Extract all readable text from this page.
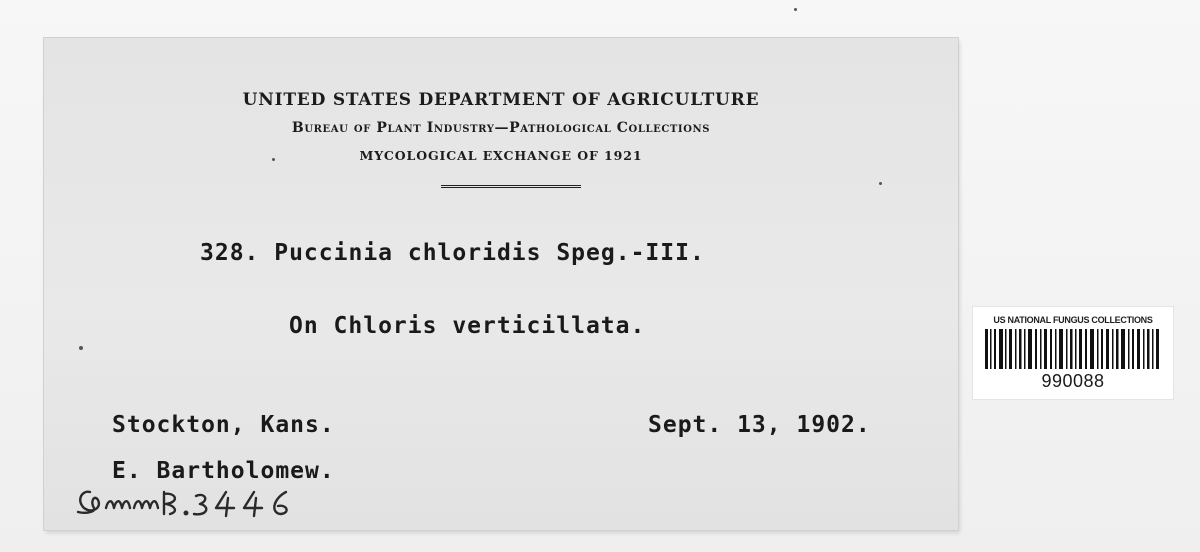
UNITED STATES DEPARTMENT OF AGRICULTURE
Bureau of Plant Industry—Pathological Collections
MYCOLOGICAL EXCHANGE OF 1921
328. Puccinia chloridis Speg.-III.
On Chloris verticillata.
Stockton, Kans.	Sept. 13, 1902.
E. Bartholomew.
US NATIONAL FUNGUS COLLECTIONS
990088
